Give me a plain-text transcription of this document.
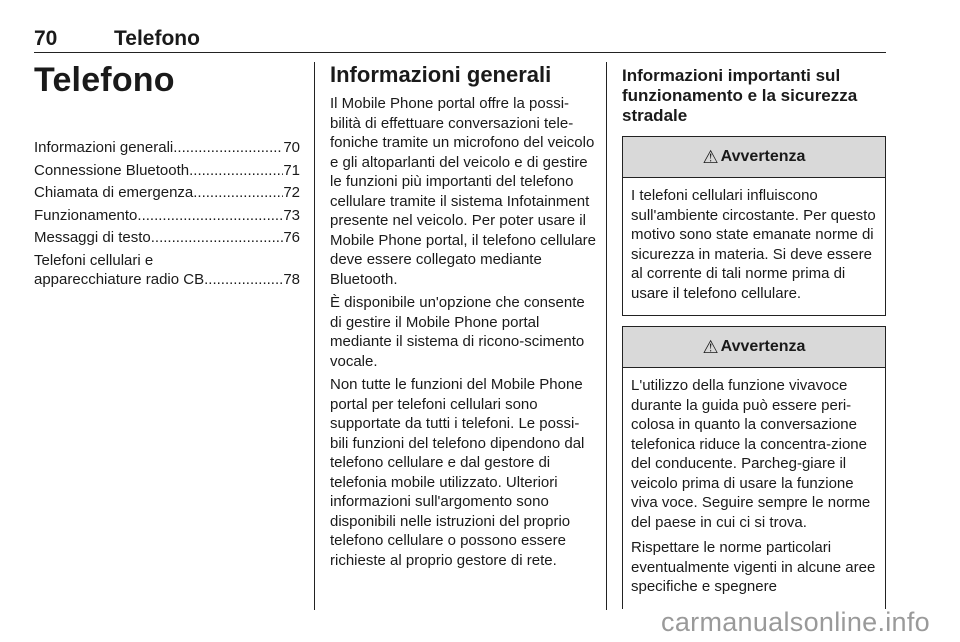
70	Telefono
Telefono
Informazioni generali .....	70
Connessione Bluetooth .....	71
Chiamata di emergenza .....	72
Funzionamento .....	73
Messaggi di testo .....	76
Telefoni cellulari e
apparecchiature radio CB .....	78
Informazioni generali

Il Mobile Phone portal offre la possi-bilità di effettuare conversazioni tele-foniche tramite un microfono del veicolo e gli altoparlanti del veicolo e di gestire le funzioni più importanti del telefono cellulare tramite il sistema Infotainment presente nel veicolo. Per poter usare il Mobile Phone portal, il telefono cellulare deve essere collegato mediante Bluetooth.

È disponibile un'opzione che consente di gestire il Mobile Phone portal mediante il sistema di ricono-scimento vocale.

Non tutte le funzioni del Mobile Phone portal per telefoni cellulari sono supportate da tutti i telefoni. Le possi-bili funzioni del telefono dipendono dal telefono cellulare e dal gestore di telefonia mobile utilizzato. Ulteriori informazioni sull'argomento sono disponibili nelle istruzioni del proprio telefono cellulare o possono essere richieste al proprio gestore di rete.

Informazioni importanti sul funzionamento e la sicurezza stradale
⚠ Avvertenza

I telefoni cellulari influiscono sull'ambiente circostante. Per questo motivo sono state emanate norme di sicurezza in materia. Si deve essere al corrente di tali norme prima di usare il telefono cellulare.

⚠ Avvertenza

L'utilizzo della funzione vivavoce durante la guida può essere peri-colosa in quanto la conversazione telefonica riduce la concentra-zione del conducente. Parcheg-giare il veicolo prima di usare la funzione viva voce. Seguire sempre le norme del paese in cui ci si trova.

Rispettare le norme particolari eventualmente vigenti in alcune aree specifiche e spegnere

carmanualsonline.info
